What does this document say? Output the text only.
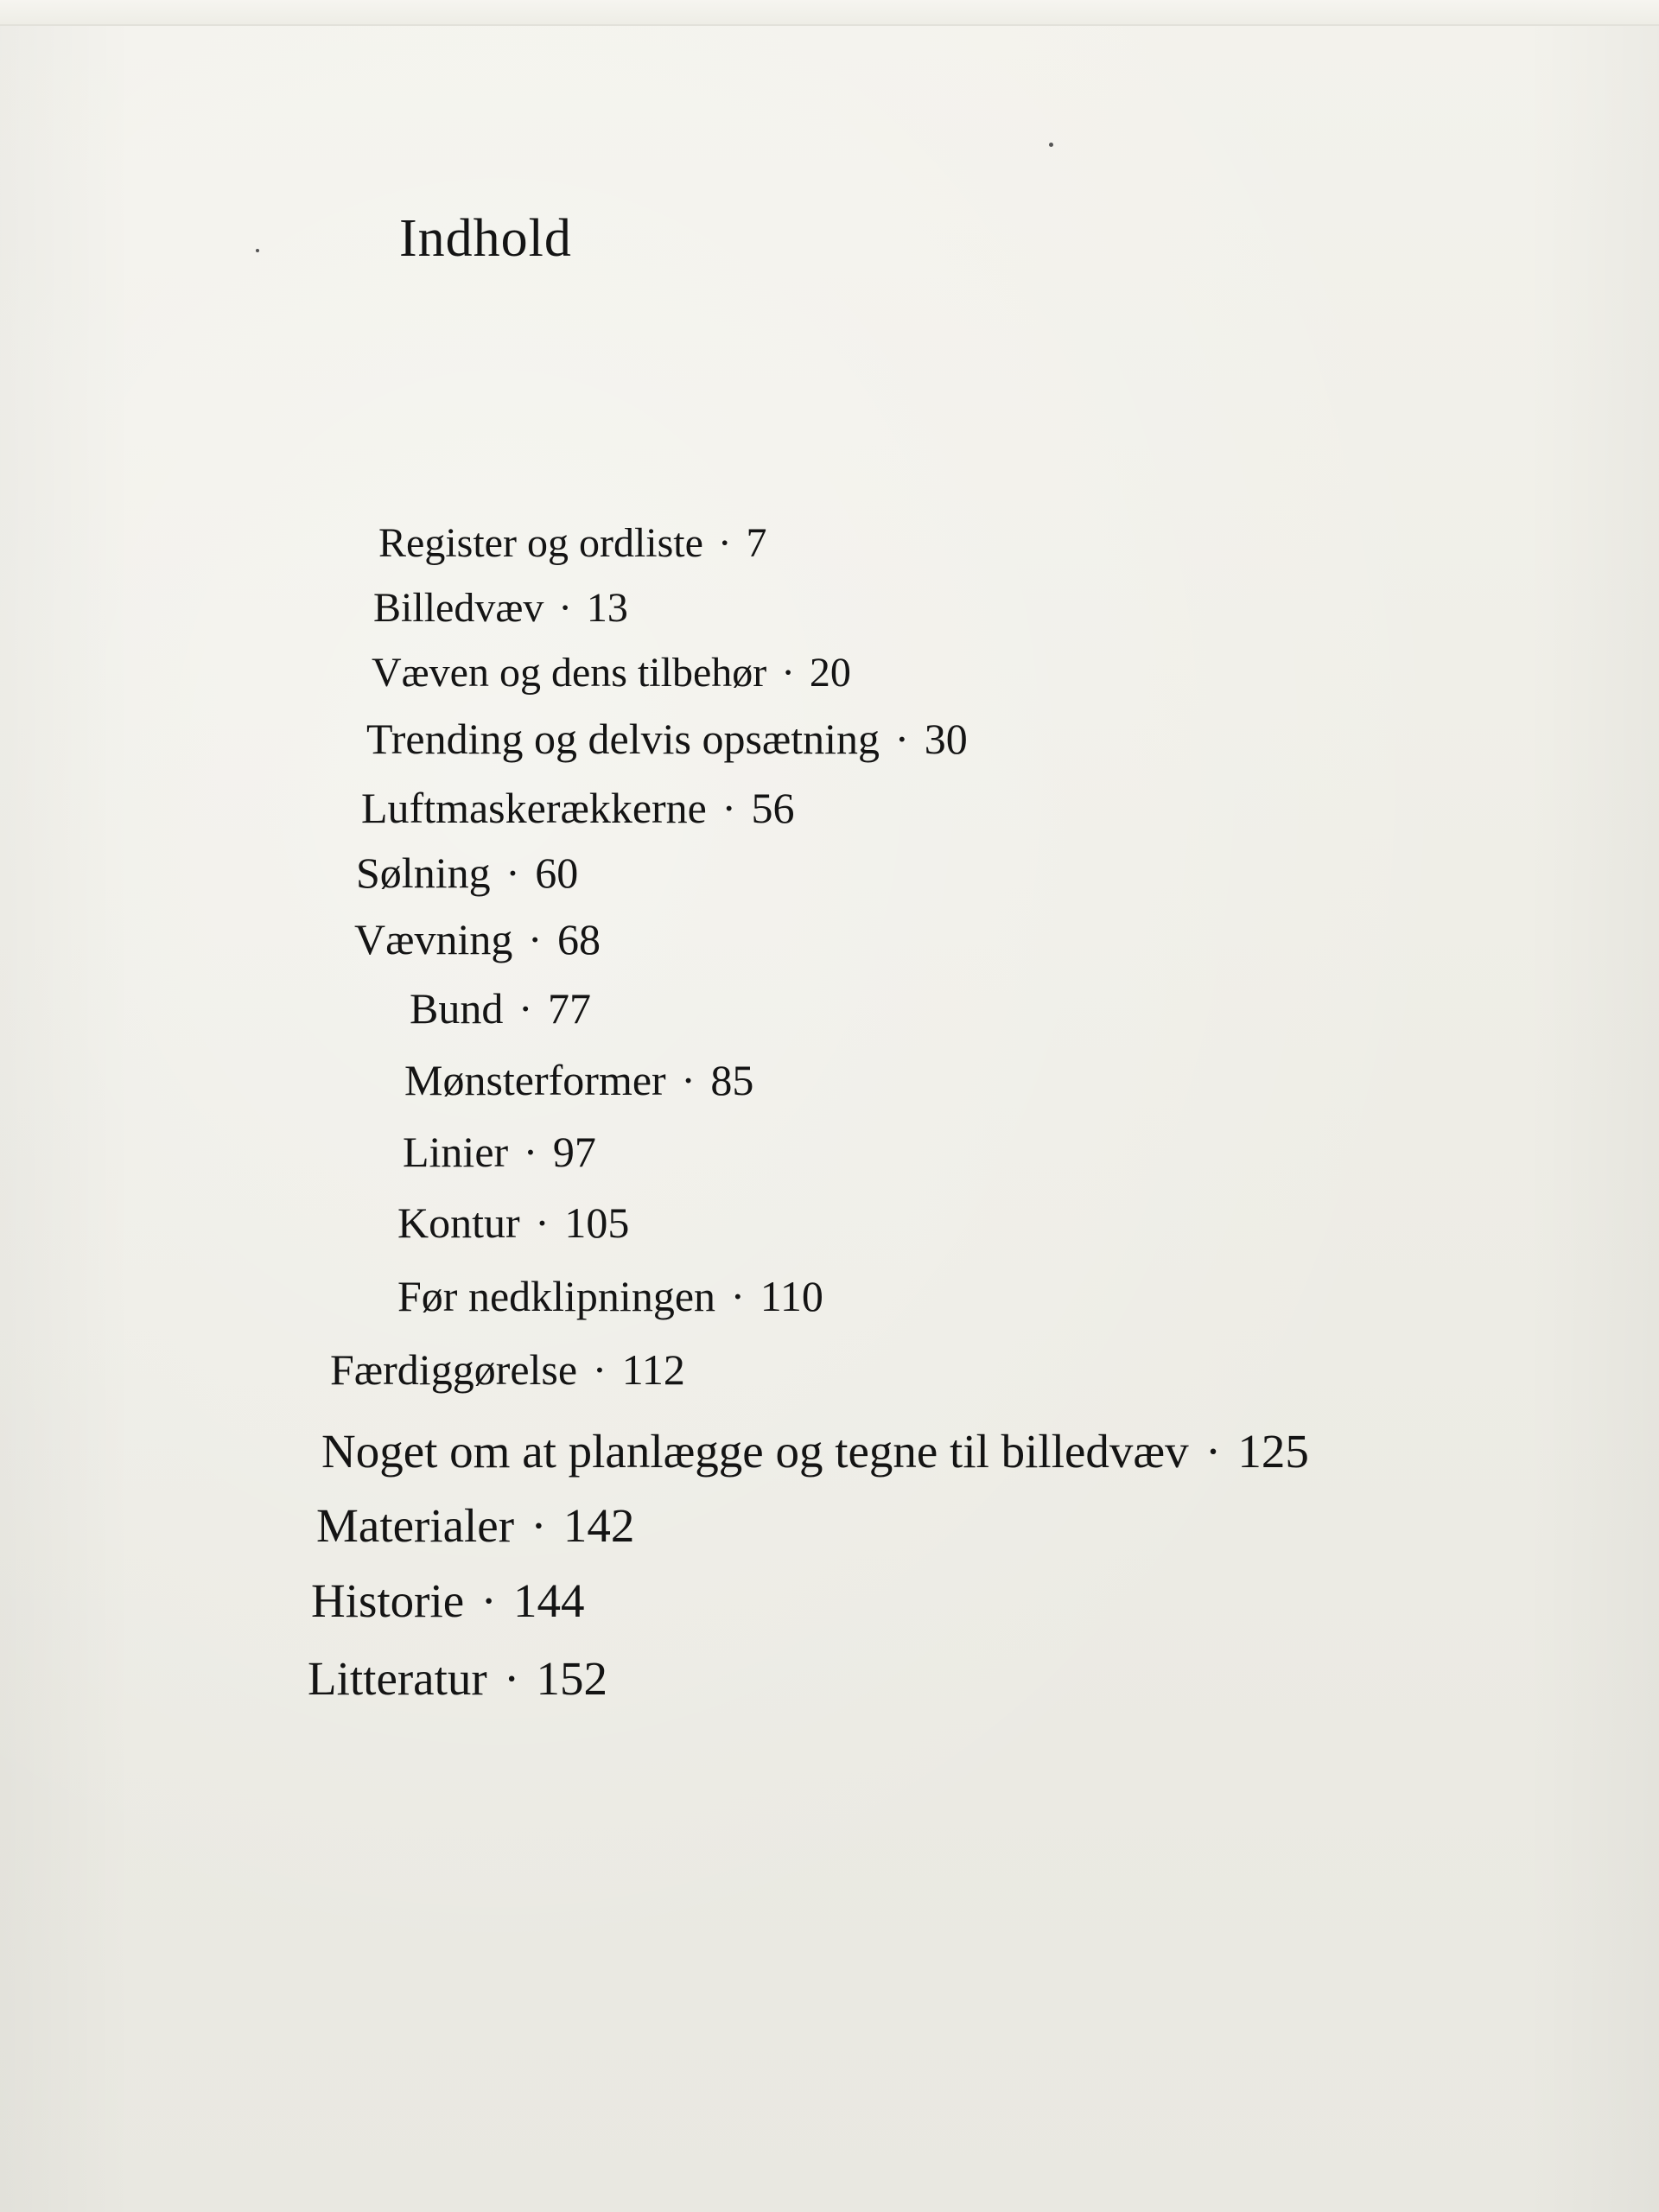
Indhold
Register og ordliste · 7
Billedvæv · 13
Væven og dens tilbehør · 20
Trending og delvis opsætning · 30
Luftmaskerækkerne · 56
Sølning · 60
Vævning · 68
Bund · 77
Mønsterformer · 85
Linier · 97
Kontur · 105
Før nedklipningen · 110
Færdiggørelse · 112
Noget om at planlægge og tegne til billedvæv · 125
Materialer · 142
Historie · 144
Litteratur · 152
